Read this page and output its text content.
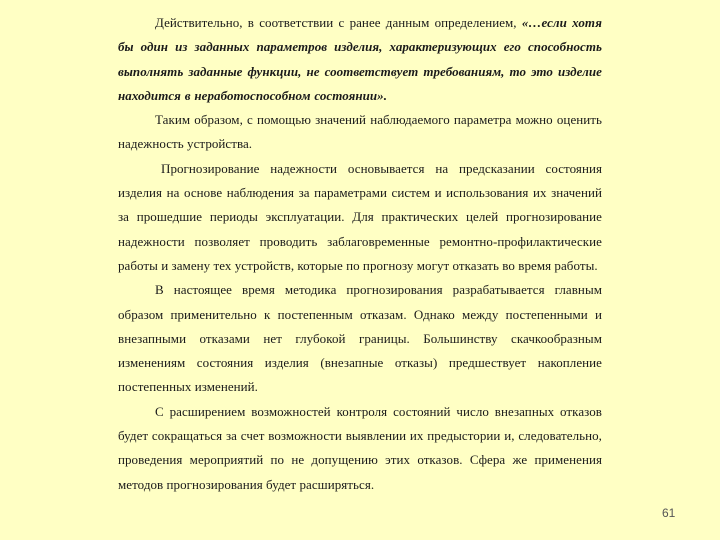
Действительно, в соответствии с ранее данным определением, «…если хотя бы один из заданных параметров изделия, характеризующих его способность выполнять заданные функции, не соответствует требованиям, то это изделие находится в неработоспособном состоянии».

Таким образом, с помощью значений наблюдаемого параметра можно оценить надежность устройства.

Прогнозирование надежности основывается на предсказании состояния изделия на основе наблюдения за параметрами систем и использования их значений за прошедшие периоды эксплуатации. Для практических целей прогнозирование надежности позволяет проводить заблаговременные ремонтно-профилактические работы и замену тех устройств, которые по прогнозу могут отказать во время работы.

В настоящее время методика прогнозирования разрабатывается главным образом применительно к постепенным отказам. Однако между постепенными и внезапными отказами нет глубокой границы. Большинству скачкообразным изменениям состояния изделия (внезапные отказы) предшествует накопление постепенных изменений.

С расширением возможностей контроля состояний число внезапных отказов будет сокращаться за счет возможности выявлении их предыстории и, следовательно, проведения мероприятий по не допущению этих отказов. Сфера же применения методов прогнозирования будет расширяться.

61
